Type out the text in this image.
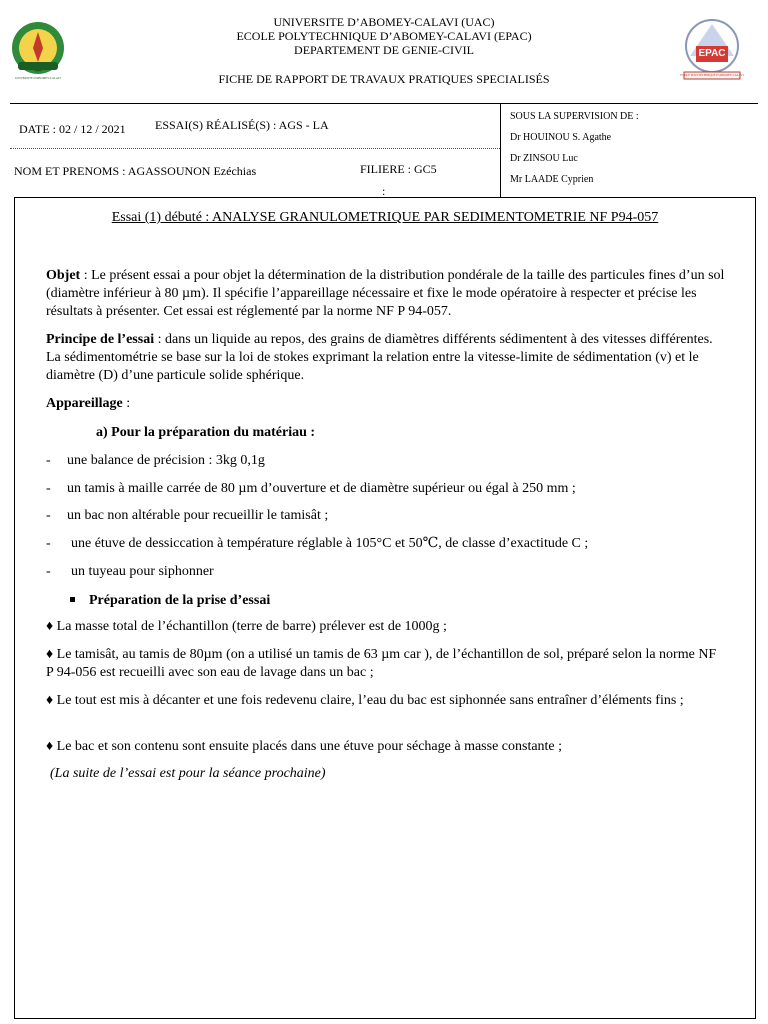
UNIVERSITE D'ABOMEY-CALAVI
UNIVERSITE D’ABOMEY-CALAVI (UAC)
ECOLE POLYTECHNIQUE D’ABOMEY-CALAVI (EPAC)
DEPARTEMENT DE GENIE-CIVIL
FICHE DE RAPPORT DE TRAVAUX PRATIQUES SPECIALISÉS
EPAC
ECOLE POLYTECHNIQUE D'ABOMEY-CALAVI
DATE : 02 / 12 / 2021 ESSAI(S) RÉALISÉ(S) : AGS - LA
NOM ET PRENOMS : AGASSOUNON Ezéchias	FILIERE : GC5
:
SOUS LA SUPERVISION DE :
Dr HOUINOU S. Agathe
Dr ZINSOU Luc
Mr LAADE Cyprien
Essai (1) débuté : ANALYSE GRANULOMETRIQUE PAR SEDIMENTOMETRIE NF P94-057
Objet : Le présent essai a pour objet la détermination de la distribution pondérale de la taille des particules fines d’un sol (diamètre inférieur à 80 µm). Il spécifie l’appareillage nécessaire et fixe le mode opératoire à respecter et précise les résultats à présenter. Cet essai est réglementé par la norme NF P 94-057.
Principe de l’essai : dans un liquide au repos, des grains de diamètres différents sédimentent à des vitesses différentes. La sédimentométrie se base sur la loi de stokes exprimant la relation entre la vitesse-limite de sédimentation (v) et le diamètre (D) d’une particule solide sphérique.
Appareillage :
a) Pour la préparation du matériau :
- une balance de précision : 3kg 0,1g
- un tamis à maille carrée de 80 µm d’ouverture et de diamètre supérieur ou égal à 250 mm ;
- un bac non altérable pour recueillir le tamisât ;
- une étuve de dessiccation à température réglable à 105°C et 50℃, de classe d’exactitude C ;
- un tuyeau pour siphonner
Préparation de la prise d’essai
♦ La masse total de l’échantillon (terre de barre) prélever est de 1000g ;
♦ Le tamisât, au tamis de 80µm (on a utilisé un tamis de 63 µm car ), de l’échantillon de sol, préparé selon la norme NF P 94-056 est recueilli avec son eau de lavage dans un bac ;
♦ Le tout est mis à décanter et une fois redevenu claire, l’eau du bac est siphonnée sans entraîner d’éléments fins ;
♦ Le bac et son contenu sont ensuite placés dans une étuve pour séchage à masse constante ;
(La suite de l’essai est pour la séance prochaine)
